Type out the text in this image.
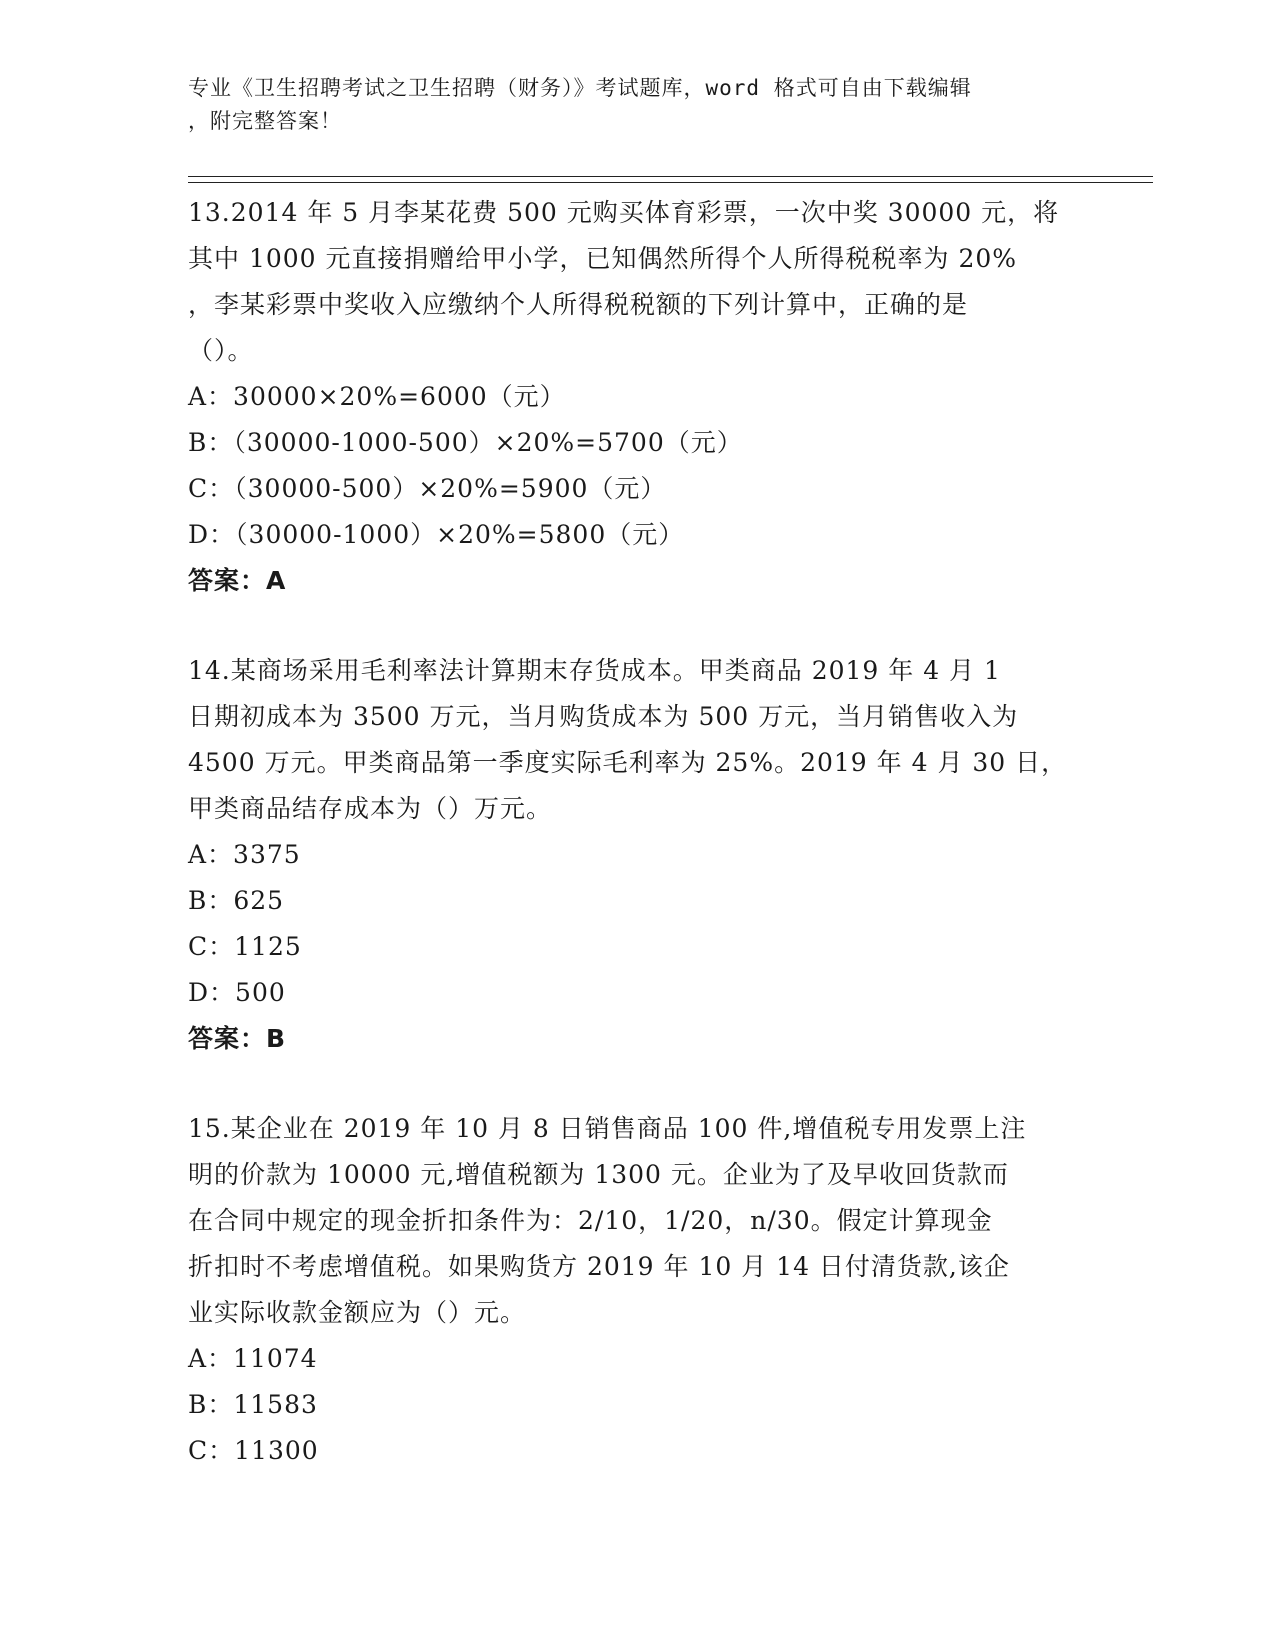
专业《卫生招聘考试之卫生招聘（财务）》考试题库，word 格式可自由下载编辑
，附完整答案！
13.2014 年 5 月李某花费 500 元购买体育彩票，一次中奖 30000 元，将
其中 1000 元直接捐赠给甲小学，已知偶然所得个人所得税税率为 20%
，李某彩票中奖收入应缴纳个人所得税税额的下列计算中，正确的是
（）。
A：30000×20%=6000（元）
B：（30000-1000-500）×20%=5700（元）
C：（30000-500）×20%=5900（元）
D：（30000-1000）×20%=5800（元）
答案：A
14.某商场采用毛利率法计算期末存货成本。甲类商品 2019 年 4 月 1
日期初成本为 3500 万元，当月购货成本为 500 万元，当月销售收入为
4500 万元。甲类商品第一季度实际毛利率为 25%。2019 年 4 月 30 日，
甲类商品结存成本为（）万元。
A：3375
B：625
C：1125
D：500
答案：B
15.某企业在 2019 年 10 月 8 日销售商品 100 件,增值税专用发票上注
明的价款为 10000 元,增值税额为 1300 元。企业为了及早收回货款而
在合同中规定的现金折扣条件为：2/10，1/20，n/30。假定计算现金
折扣时不考虑增值税。如果购货方 2019 年 10 月 14 日付清货款,该企
业实际收款金额应为（）元。
A：11074
B：11583
C：11300
